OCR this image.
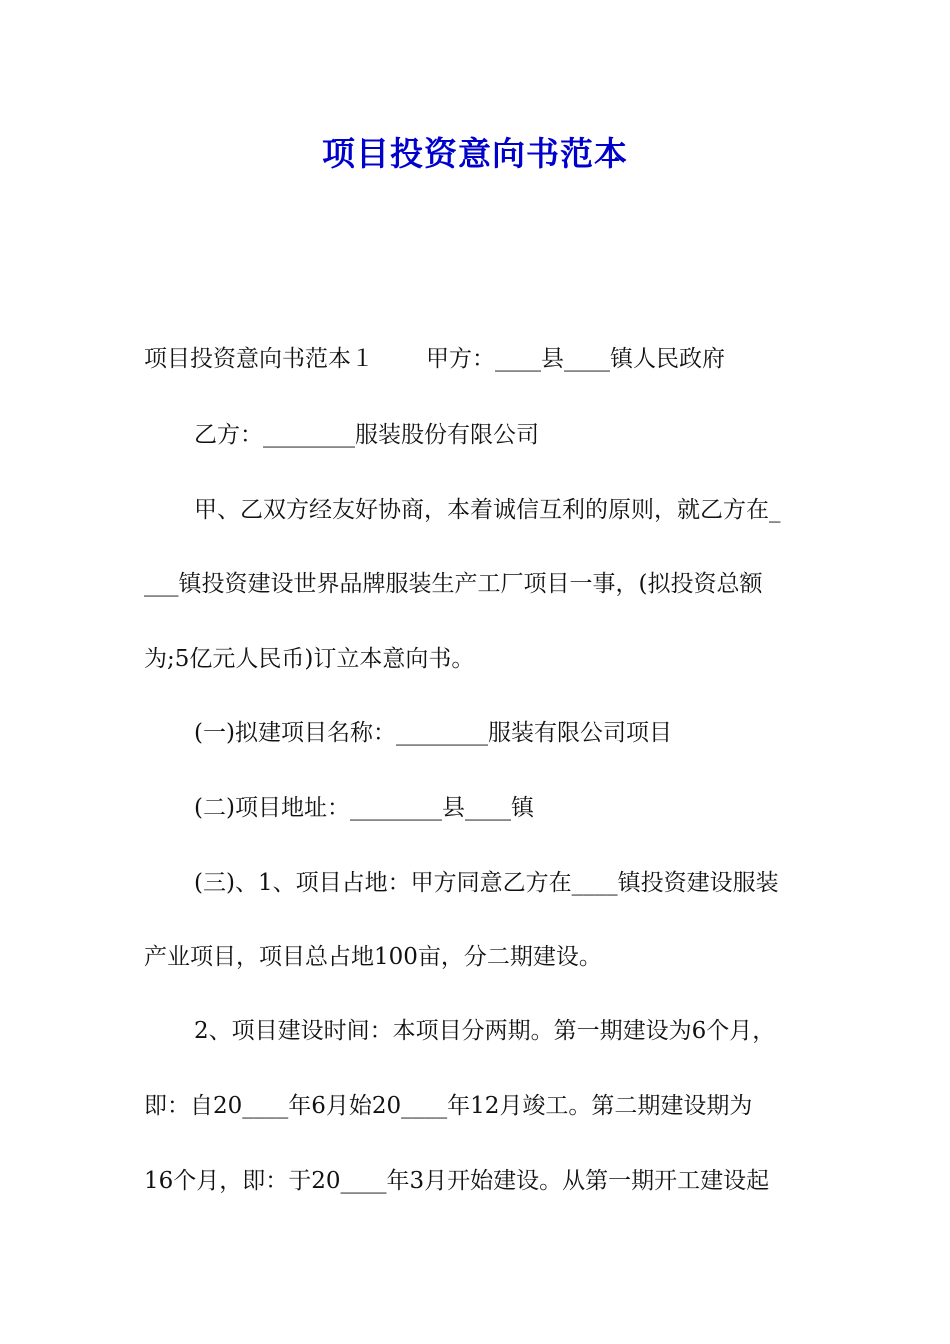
项目投资意向书范本

项目投资意向书范本１ 甲方：____县____镇人民政府

乙方：________服装股份有限公司

甲、乙双方经友好协商，本着诚信互利的原则，就乙方在_

___镇投资建设世界品牌服装生产工厂项目一事，(拟投资总额

为;5亿元人民币)订立本意向书。

(一)拟建项目名称：________服装有限公司项目

(二)项目地址：________县____镇

(三)、1、项目占地：甲方同意乙方在____镇投资建设服装

产业项目，项目总占地100亩，分二期建设。

2、项目建设时间：本项目分两期。第一期建设为6个月，

即：自20____年6月始20____年12月竣工。第二期建设期为

16个月，即：于20____年3月开始建设。从第一期开工建设起
